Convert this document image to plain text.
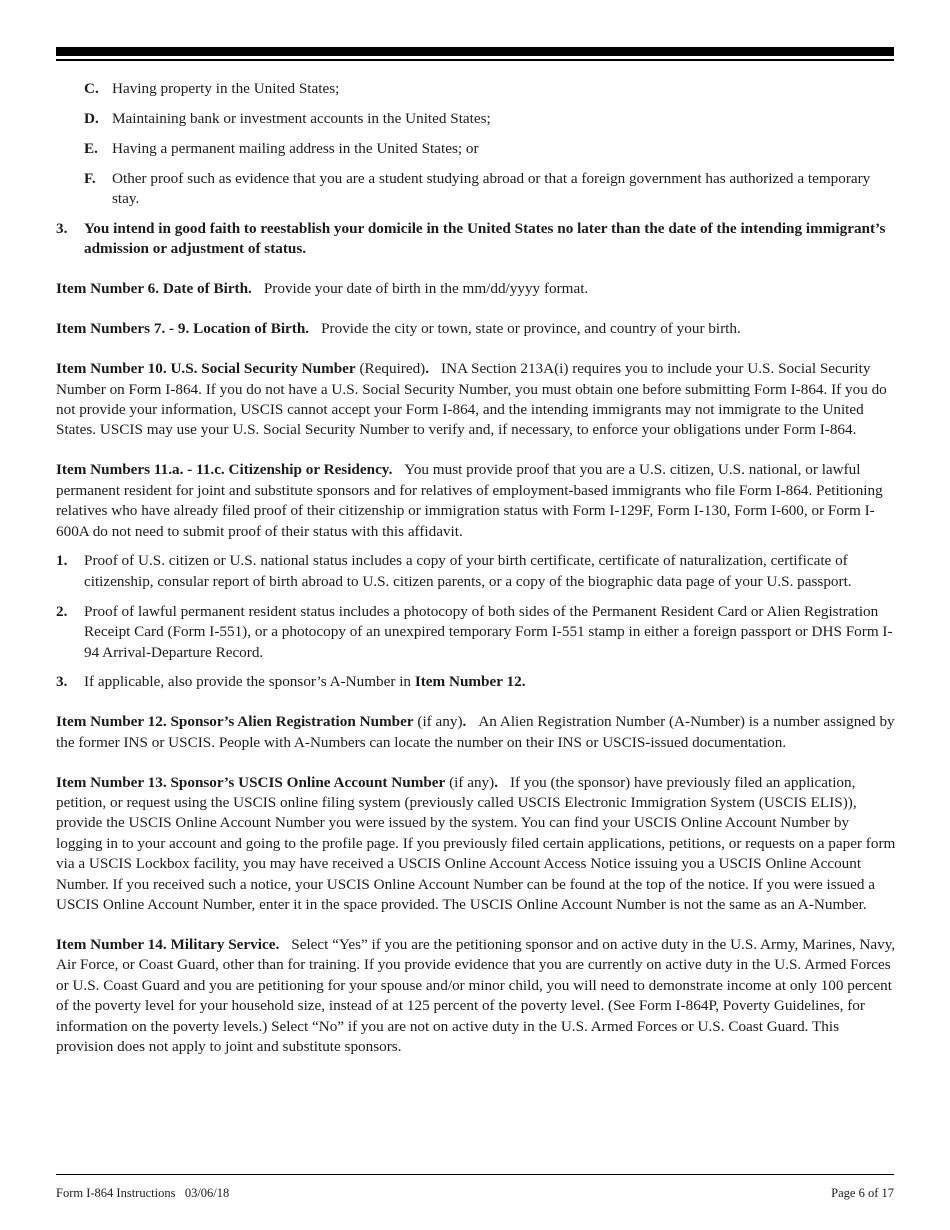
C. Having property in the United States;
D. Maintaining bank or investment accounts in the United States;
E. Having a permanent mailing address in the United States; or
F.	Other proof such as evidence that you are a student studying abroad or that a foreign government has authorized a temporary stay.
3.	You intend in good faith to reestablish your domicile in the United States no later than the date of the intending immigrant’s admission or adjustment of status.

Item Number 6. Date of Birth. Provide your date of birth in the mm/dd/yyyy format.

Item Numbers 7. - 9. Location of Birth. Provide the city or town, state or province, and country of your birth.

Item Number 10. U.S. Social Security Number (Required). INA Section 213A(i) requires you to include your U.S. Social Security Number on Form I-864. If you do not have a U.S. Social Security Number, you must obtain one before submitting Form I-864. If you do not provide your information, USCIS cannot accept your Form I-864, and the intending immigrants may not immigrate to the United States. USCIS may use your U.S. Social Security Number to verify and, if necessary, to enforce your obligations under Form I-864.

Item Numbers 11.a. - 11.c. Citizenship or Residency. You must provide proof that you are a U.S. citizen, U.S. national, or lawful permanent resident for joint and substitute sponsors and for relatives of employment-based immigrants who file Form I-864. Petitioning relatives who have already filed proof of their citizenship or immigration status with Form I-129F, Form I-130, Form I-600, or Form I-600A do not need to submit proof of their status with this affidavit.

1.	Proof of U.S. citizen or U.S. national status includes a copy of your birth certificate, certificate of naturalization, certificate of citizenship, consular report of birth abroad to U.S. citizen parents, or a copy of the biographic data page of your U.S. passport.
2.	Proof of lawful permanent resident status includes a photocopy of both sides of the Permanent Resident Card or Alien Registration Receipt Card (Form I-551), or a photocopy of an unexpired temporary Form I-551 stamp in either a foreign passport or DHS Form I-94 Arrival-Departure Record.
3.	If applicable, also provide the sponsor’s A-Number in Item Number 12.

Item Number 12. Sponsor’s Alien Registration Number (if any). An Alien Registration Number (A-Number) is a number assigned by the former INS or USCIS. People with A-Numbers can locate the number on their INS or USCIS-issued documentation.

Item Number 13. Sponsor’s USCIS Online Account Number (if any). If you (the sponsor) have previously filed an application, petition, or request using the USCIS online filing system (previously called USCIS Electronic Immigration System (USCIS ELIS)), provide the USCIS Online Account Number you were issued by the system. You can find your USCIS Online Account Number by logging in to your account and going to the profile page. If you previously filed certain applications, petitions, or requests on a paper form via a USCIS Lockbox facility, you may have received a USCIS Online Account Access Notice issuing you a USCIS Online Account Number. If you received such a notice, your USCIS Online Account Number can be found at the top of the notice. If you were issued a USCIS Online Account Number, enter it in the space provided. The USCIS Online Account Number is not the same as an A-Number.

Item Number 14. Military Service. Select “Yes” if you are the petitioning sponsor and on active duty in the U.S. Army, Marines, Navy, Air Force, or Coast Guard, other than for training. If you provide evidence that you are currently on active duty in the U.S. Armed Forces or U.S. Coast Guard and you are petitioning for your spouse and/or minor child, you will need to demonstrate income at only 100 percent of the poverty level for your household size, instead of at 125 percent of the poverty level. (See Form I-864P, Poverty Guidelines, for information on the poverty levels.) Select “No” if you are not on active duty in the U.S. Armed Forces or U.S. Coast Guard. This provision does not apply to joint and substitute sponsors.

Form I-864 Instructions 03/06/18	Page 6 of 17
